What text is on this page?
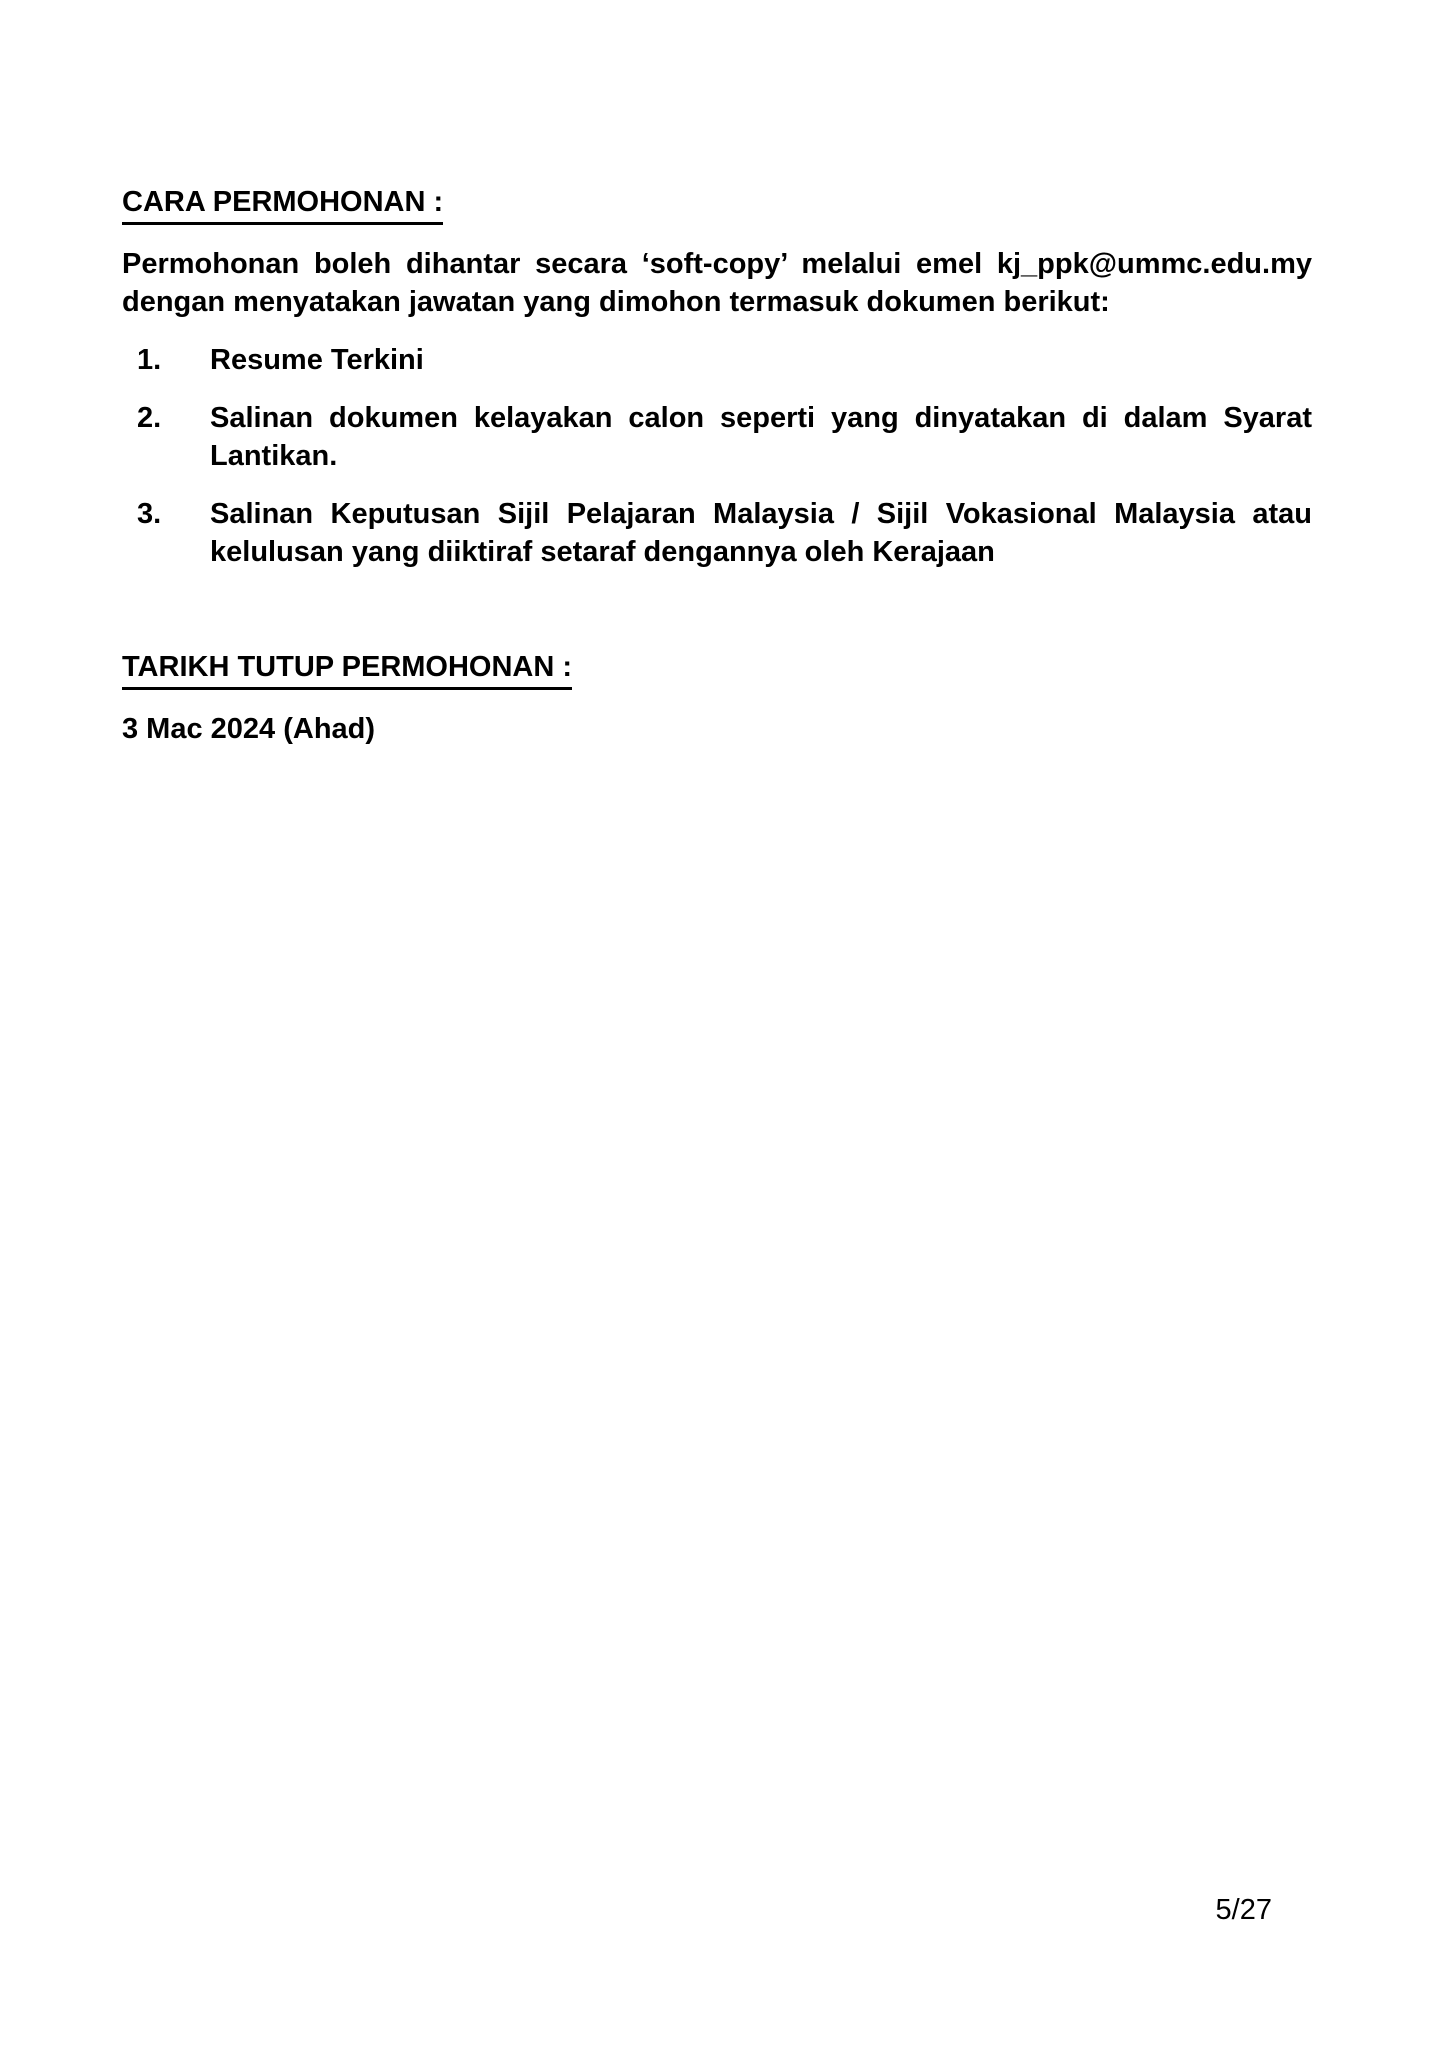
CARA PERMOHONAN :

Permohonan boleh dihantar secara ‘soft-copy’ melalui emel kj_ppk@ummc.edu.my dengan menyatakan jawatan yang dimohon termasuk dokumen berikut:

1.	Resume Terkini
2.	Salinan dokumen kelayakan calon seperti yang dinyatakan di dalam Syarat Lantikan.
3.	Salinan Keputusan Sijil Pelajaran Malaysia / Sijil Vokasional Malaysia atau kelulusan yang diiktiraf setaraf dengannya oleh Kerajaan
TARIKH TUTUP PERMOHONAN :

3 Mac 2024 (Ahad)

5/27
